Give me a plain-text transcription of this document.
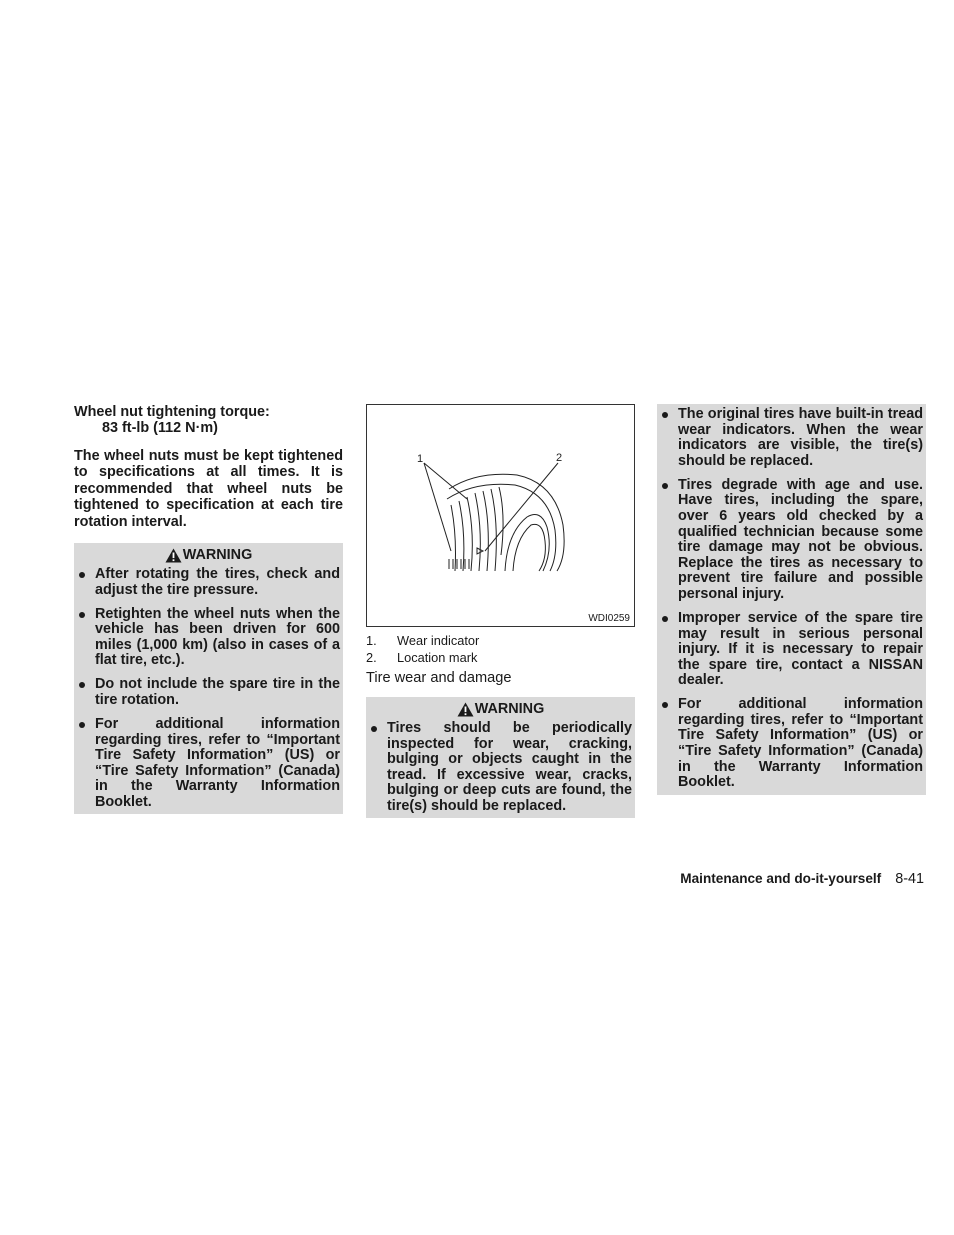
Wheel nut tightening torque:

83 ft-lb (112 N·m)

The wheel nuts must be kept tightened to specifications at all times. It is recommended that wheel nuts be tightened to specification at each tire rotation interval.

WARNING
After rotating the tires, check and adjust the tire pressure.
Retighten the wheel nuts when the vehicle has been driven for 600 miles (1,000 km) (also in cases of a flat tire, etc.).
Do not include the spare tire in the tire rotation.
For additional information regarding tires, refer to “Important Tire Safety Information” (US) or “Tire Safety Information” (Canada) in the Warranty Information Booklet.
1	2
WDI0259
1.	Wear indicator
2.	Location mark

Tire wear and damage

WARNING
Tires should be periodically inspected for wear, cracking, bulging or objects caught in the tread. If excessive wear, cracks, bulging or deep cuts are found, the tire(s) should be replaced.
The original tires have built-in tread wear indicators. When the wear indicators are visible, the tire(s) should be replaced.
Tires degrade with age and use. Have tires, including the spare, over 6 years old checked by a qualified technician because some tire damage may not be obvious. Replace the tires as necessary to prevent tire failure and possible personal injury.
Improper service of the spare tire may result in serious personal injury. If it is necessary to repair the spare tire, contact a NISSAN dealer.
For additional information regarding tires, refer to “Important Tire Safety Information” (US) or “Tire Safety Information” (Canada) in the Warranty Information Booklet.
Maintenance and do-it-yourself 8-41
